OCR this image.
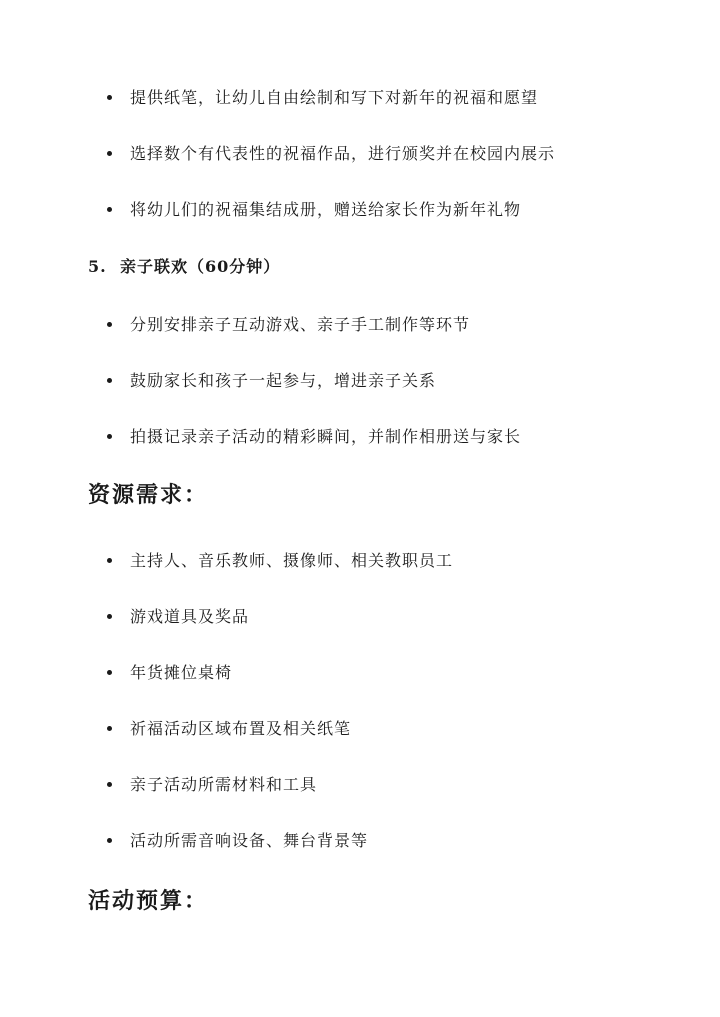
提供纸笔，让幼儿自由绘制和写下对新年的祝福和愿望
选择数个有代表性的祝福作品，进行颁奖并在校园内展示
将幼儿们的祝福集结成册，赠送给家长作为新年礼物
5. 亲子联欢（60分钟）
分别安排亲子互动游戏、亲子手工制作等环节
鼓励家长和孩子一起参与，增进亲子关系
拍摄记录亲子活动的精彩瞬间，并制作相册送与家长
资源需求：
主持人、音乐教师、摄像师、相关教职员工
游戏道具及奖品
年货摊位桌椅
祈福活动区域布置及相关纸笔
亲子活动所需材料和工具
活动所需音响设备、舞台背景等
活动预算：
